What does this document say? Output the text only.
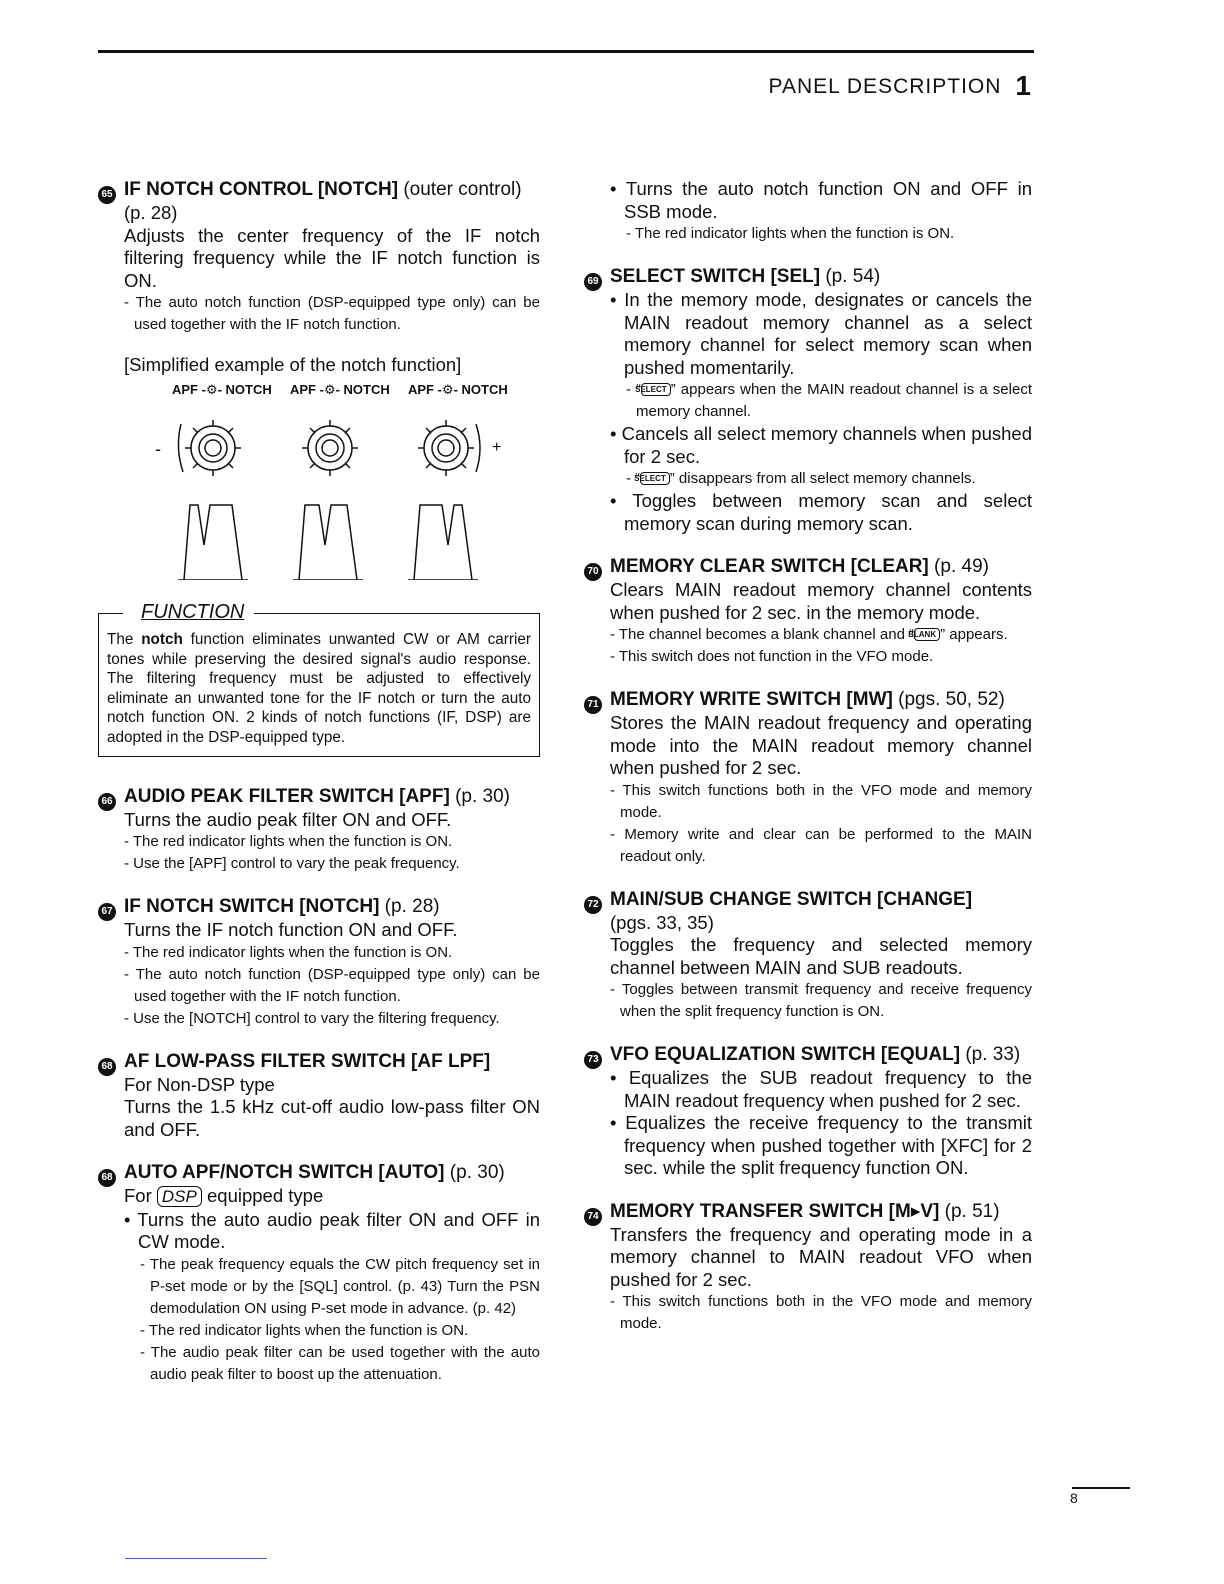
PANEL DESCRIPTION 1
65 IF NOTCH CONTROL [NOTCH] (outer control)

(p. 28)

Adjusts the center frequency of the IF notch filtering frequency while the IF notch function is ON.

- The auto notch function (DSP-equipped type only) can be used together with the IF notch function.

[Simplified example of the notch function]
APF -⚙- NOTCH APF -⚙- NOTCH APF -⚙- NOTCH
-	+
FUNCTION

The notch function eliminates unwanted CW or AM carrier tones while preserving the desired signal's audio response. The filtering frequency must be adjusted to effectively eliminate an unwanted tone for the IF notch or turn the auto notch function ON. 2 kinds of notch functions (IF, DSP) are adopted in the DSP-equipped type.

66 AUDIO PEAK FILTER SWITCH [APF] (p. 30)

Turns the audio peak filter ON and OFF.

- The red indicator lights when the function is ON.

- Use the [APF] control to vary the peak frequency.

67 IF NOTCH SWITCH [NOTCH] (p. 28)

Turns the IF notch function ON and OFF.

- The red indicator lights when the function is ON.

- The auto notch function (DSP-equipped type only) can be used together with the IF notch function.

- Use the [NOTCH] control to vary the filtering frequency.

68 AF LOW-PASS FILTER SWITCH [AF LPF]

For Non-DSP type

Turns the 1.5 kHz cut-off audio low-pass filter ON and OFF.

68 AUTO APF/NOTCH SWITCH [AUTO] (p. 30)

For DSP equipped type

• Turns the auto audio peak filter ON and OFF in CW mode.

- The peak frequency equals the CW pitch frequency set in P-set mode or by the [SQL] control. (p. 43) Turn the PSN demodulation ON using P-set mode in advance. (p. 42)

- The red indicator lights when the function is ON.

- The audio peak filter can be used together with the auto audio peak filter to boost up the attenuation.

• Turns the auto notch function ON and OFF in SSB mode.

- The red indicator lights when the function is ON.

69 SELECT SWITCH [SEL] (p. 54)

• In the memory mode, designates or cancels the MAIN readout memory channel as a select memory channel for select memory scan when pushed momentarily.

- “SELECT ” appears when the MAIN readout channel is a select memory channel.

• Cancels all select memory channels when pushed for 2 sec.

- “SELECT ” disappears from all select memory channels.

• Toggles between memory scan and select memory scan during memory scan.

70 MEMORY CLEAR SWITCH [CLEAR] (p. 49)

Clears MAIN readout memory channel contents when pushed for 2 sec. in the memory mode.

- The channel becomes a blank channel and “BLANK ” appears.

- This switch does not function in the VFO mode.

71 MEMORY WRITE SWITCH [MW] (pgs. 50, 52)

Stores the MAIN readout frequency and operating mode into the MAIN readout memory channel when pushed for 2 sec.

- This switch functions both in the VFO mode and memory mode.

- Memory write and clear can be performed to the MAIN readout only.

72 MAIN/SUB CHANGE SWITCH [CHANGE]

(pgs. 33, 35)

Toggles the frequency and selected memory channel between MAIN and SUB readouts.

- Toggles between transmit frequency and receive frequency when the split frequency function is ON.

73 VFO EQUALIZATION SWITCH [EQUAL] (p. 33)

• Equalizes the SUB readout frequency to the MAIN readout frequency when pushed for 2 sec.

• Equalizes the receive frequency to the transmit frequency when pushed together with [XFC] for 2 sec. while the split frequency function ON.

74 MEMORY TRANSFER SWITCH [M▸V] (p. 51)

Transfers the frequency and operating mode in a memory channel to MAIN readout VFO when pushed for 2 sec.

- This switch functions both in the VFO mode and memory mode.

8
